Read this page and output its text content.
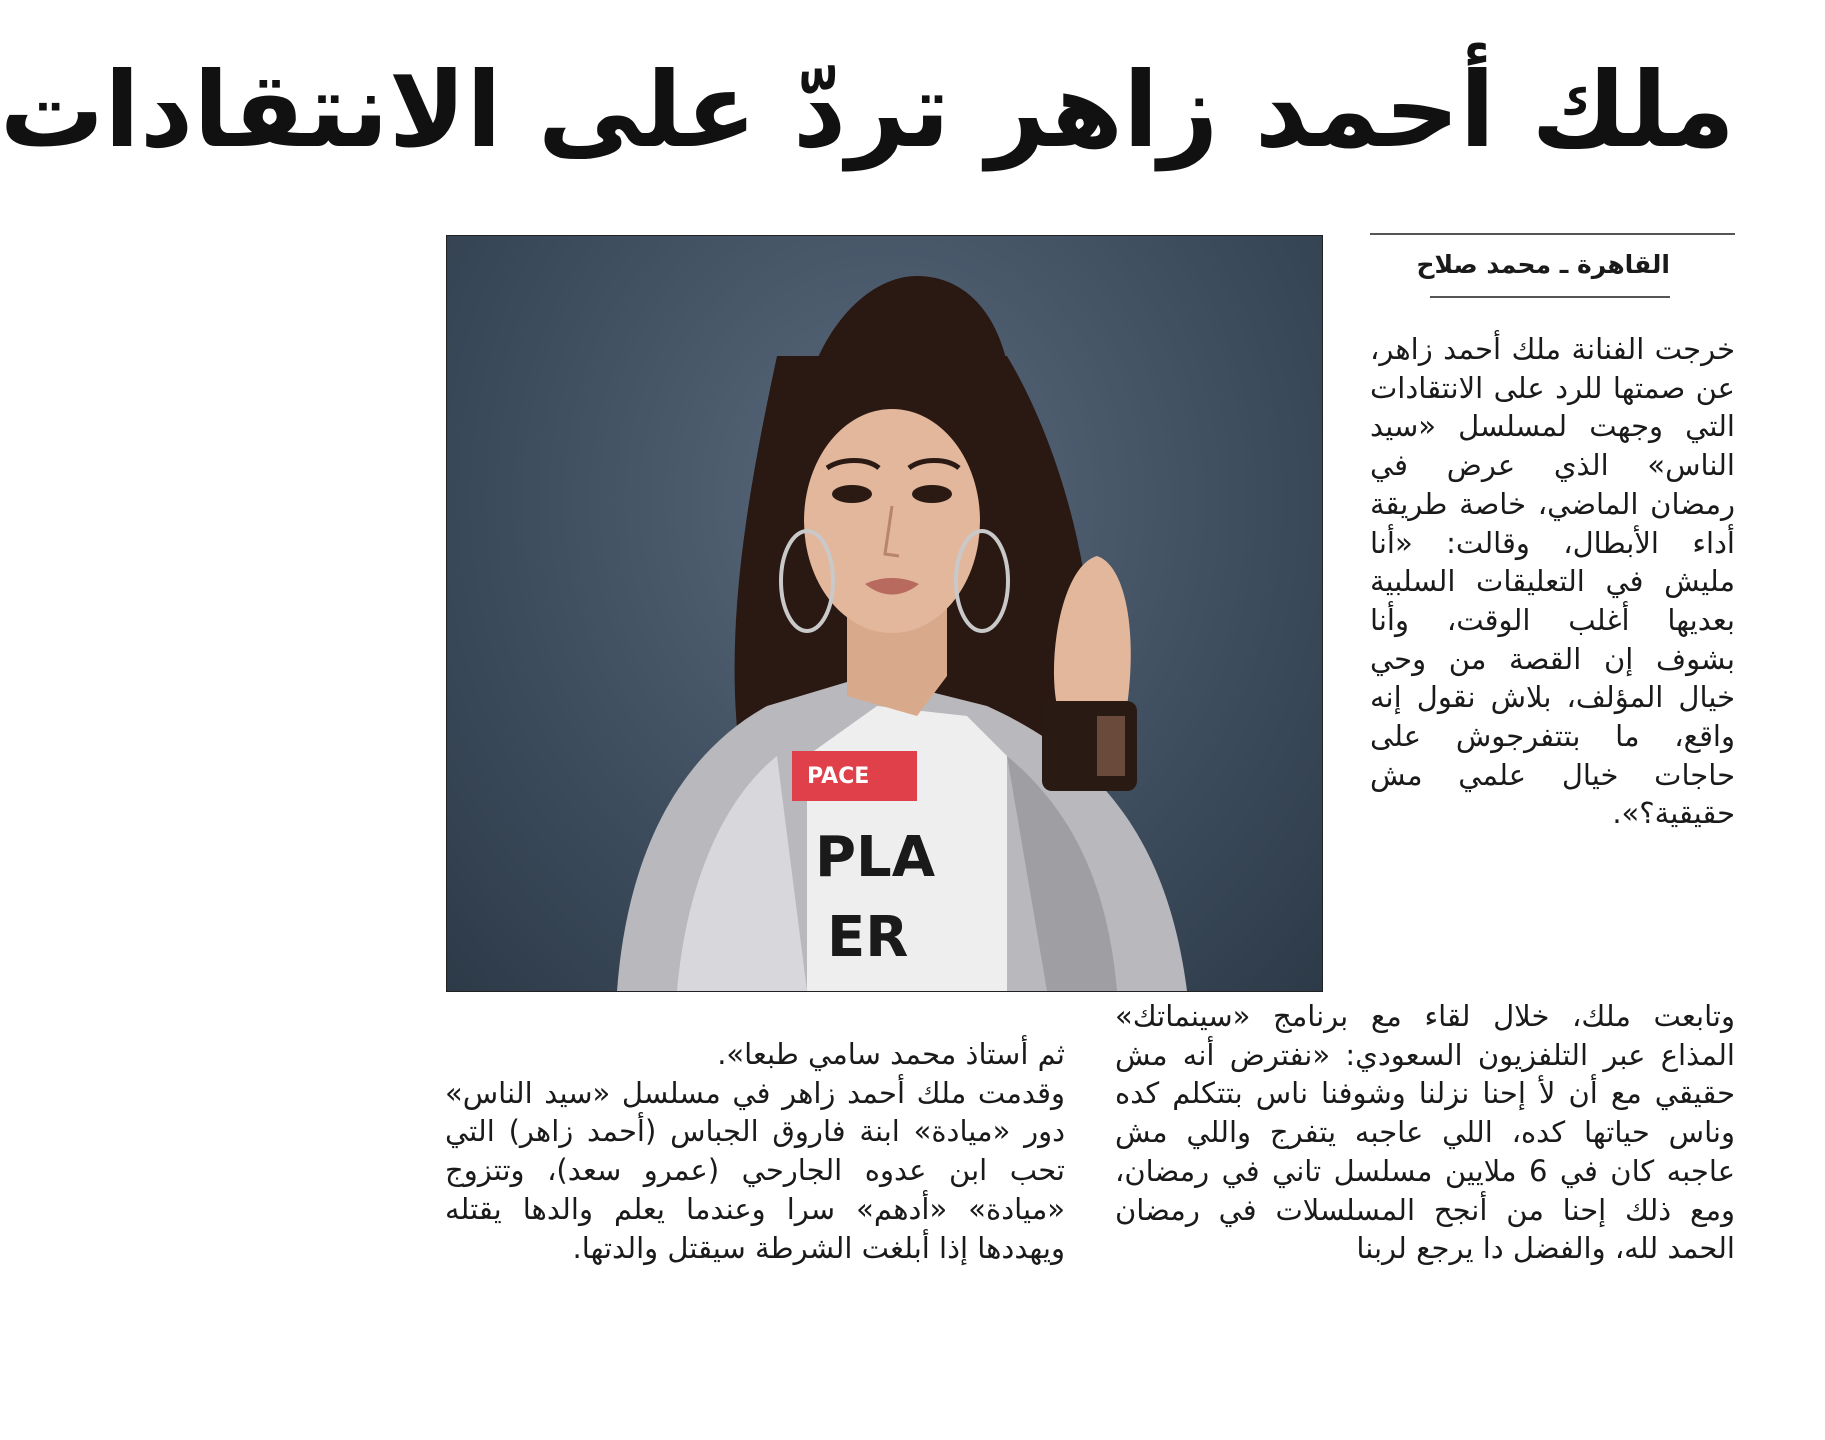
ملك أحمد زاهر تردّ على الانتقادات
القاهرة ـ محمد صلاح
PACE
PLA
ER

خرجت الفنانة ملك أحمد زاهر، عن صمتها للرد على الانتقادات التي وجهت لمسلسل «سيد الناس» الذي عرض في رمضان الماضي، خاصة طريقة أداء الأبطال، وقالت: «أنا مليش في التعليقات السلبية بعديها أغلب الوقت، وأنا بشوف إن القصة من وحي خيال المؤلف، بلاش نقول إنه واقع، ما بتتفرجوش على حاجات خيال علمي مش حقيقية؟».

وتابعت ملك، خلال لقاء مع برنامج «سينماتك» المذاع عبر التلفزيون السعودي: «نفترض أنه مش حقيقي مع أن لأ إحنا نزلنا وشوفنا ناس بتتكلم كده وناس حياتها كده، اللي عاجبه يتفرج واللي مش عاجبه كان في 6 ملايين مسلسل تاني في رمضان، ومع ذلك إحنا من أنجح المسلسلات في رمضان الحمد لله، والفضل دا يرجع لربنا

ثم أستاذ محمد سامي طبعا».

وقدمت ملك أحمد زاهر في مسلسل «سيد الناس» دور «ميادة» ابنة فاروق الجباس (أحمد زاهر) التي تحب ابن عدوه الجارحي (عمرو سعد)، وتتزوج «ميادة» «أدهم» سرا وعندما يعلم والدها يقتله ويهددها إذا أبلغت الشرطة سيقتل والدتها.
